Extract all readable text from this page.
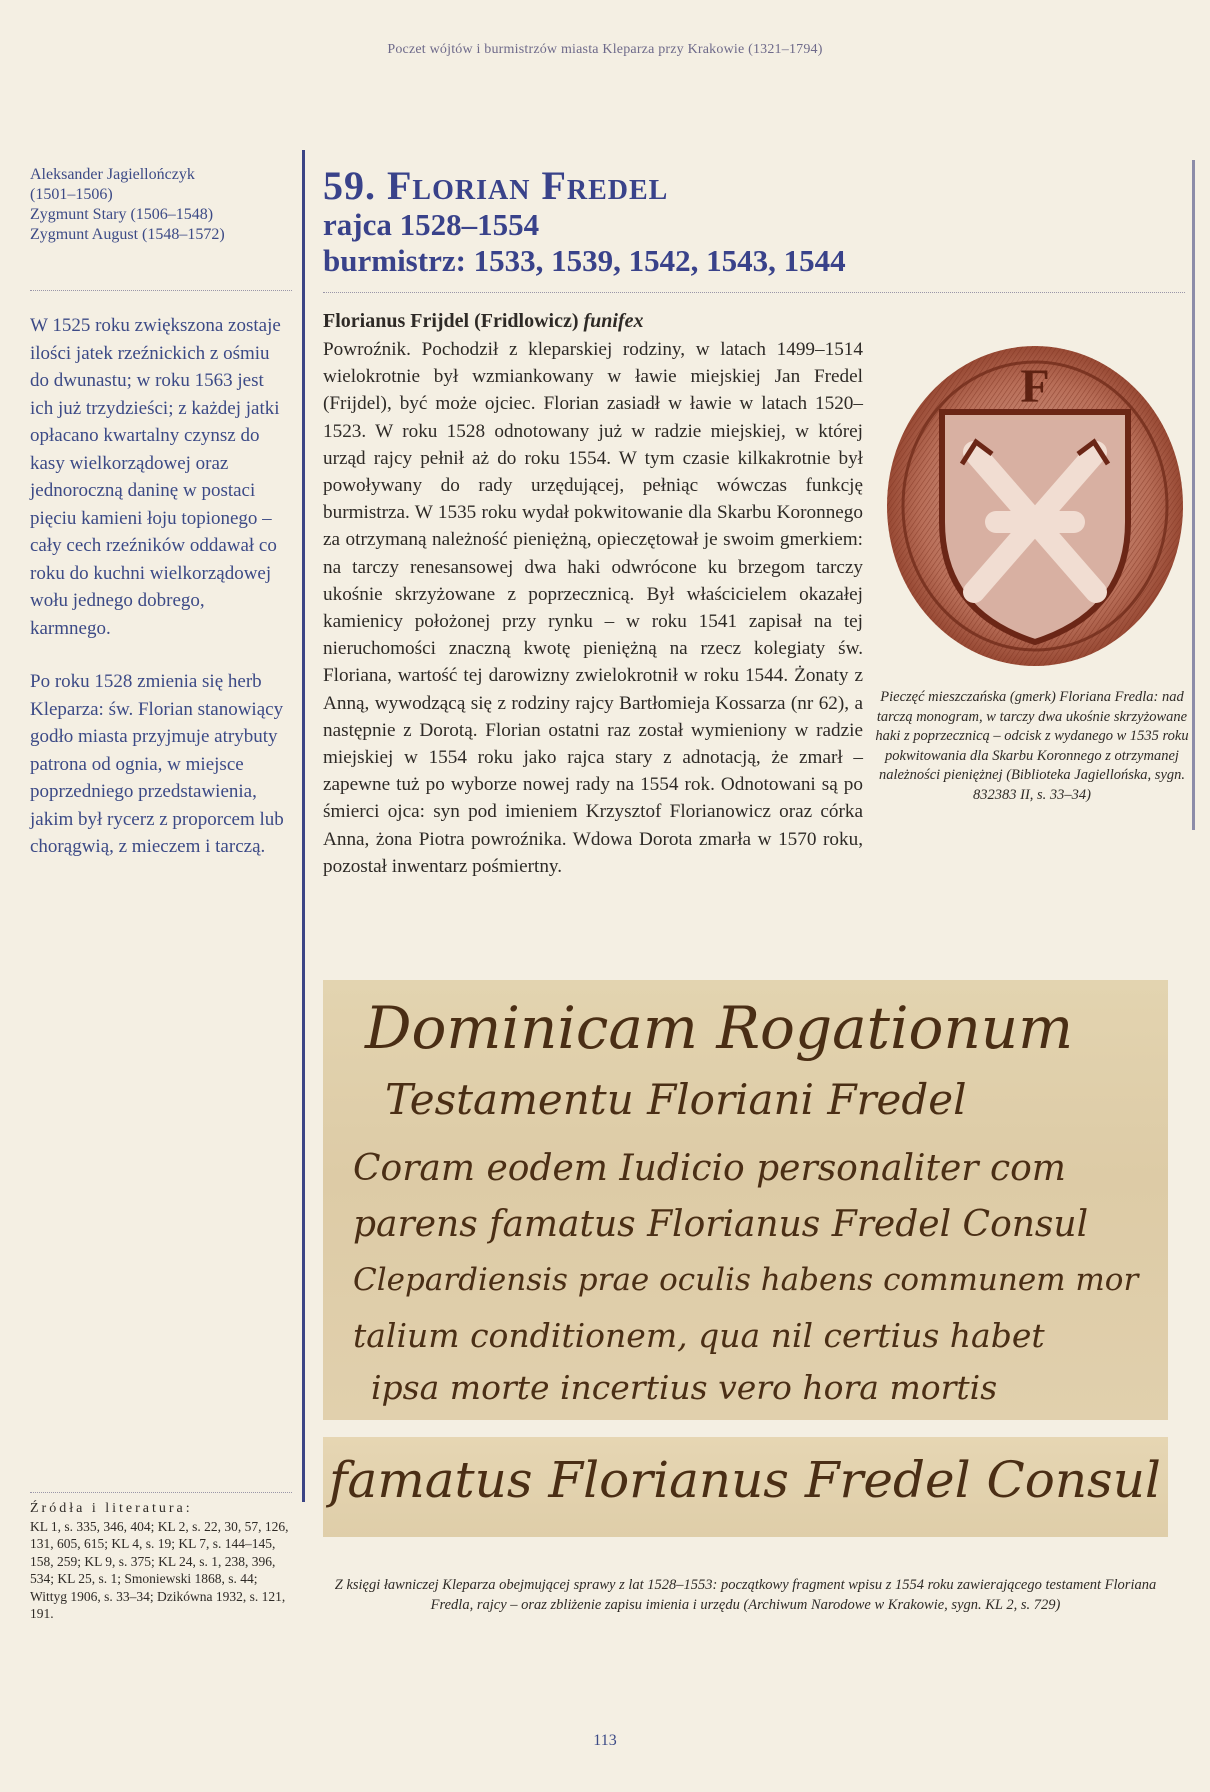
Poczet wójtów i burmistrzów miasta Kleparza przy Krakowie (1321–1794)
Aleksander Jagiellończyk
(1501–1506)
Zygmunt Stary (1506–1548)
Zygmunt August (1548–1572)

W 1525 roku zwiększona zostaje ilości jatek rzeźnickich z ośmiu do dwunastu; w roku 1563 jest ich już trzydzieści; z każdej jatki opłacano kwartalny czynsz do kasy wielkorządowej oraz jednoroczną daninę w postaci pięciu kamieni łoju topionego – cały cech rzeźników oddawał co roku do kuchni wielkorządowej wołu jednego dobrego, karmnego.

Po roku 1528 zmienia się herb Kleparza: św. Florian stanowiący godło miasta przyjmuje atrybuty patrona od ognia, w miejsce poprzedniego przedstawienia, jakim był rycerz z proporcem lub chorągwią, z mieczem i tarczą.

Źródła i literatura:
KL 1, s. 335, 346, 404; KL 2, s. 22, 30, 57, 126, 131, 605, 615; KL 4, s. 19; KL 7, s. 144–145, 158, 259; KL 9, s. 375; KL 24, s. 1, 238, 396, 534; KL 25, s. 1; Smoniewski 1868, s. 44; Wittyg 1906, s. 33–34; Dzikówna 1932, s. 121, 191.
59. Florian Fredel
rajca 1528–1554
burmistrz: 1533, 1539, 1542, 1543, 1544
Florianus Frijdel (Fridlowicz) funifex

Powroźnik. Pochodził z kleparskiej rodziny, w latach 1499–1514 wielokrotnie był wzmiankowany w ławie miejskiej Jan Fredel (Frijdel), być może ojciec. Florian zasiadł w ławie w latach 1520–1523. W roku 1528 odnotowany już w radzie miejskiej, w której urząd rajcy pełnił aż do roku 1554. W tym czasie kilkakrotnie był powoływany do rady urzędującej, pełniąc wówczas funkcję burmistrza. W 1535 roku wydał pokwitowanie dla Skarbu Koronnego za otrzymaną należność pieniężną, opieczętował je swoim gmerkiem: na tarczy renesansowej dwa haki odwrócone ku brzegom tarczy ukośnie skrzyżowane z poprzecznicą. Był właścicielem okazałej kamienicy położonej przy rynku – w roku 1541 zapisał na tej nieruchomości znaczną kwotę pieniężną na rzecz kolegiaty św. Floriana, wartość tej darowizny zwielokrotnił w roku 1544. Żonaty z Anną, wywodzącą się z rodziny rajcy Bartłomieja Kossarza (nr 62), a następnie z Dorotą. Florian ostatni raz został wymieniony w radzie miejskiej w 1554 roku jako rajca stary z adnotacją, że zmarł – zapewne tuż po wyborze nowej rady na 1554 rok. Odnotowani są po śmierci ojca: syn pod imieniem Krzysztof Florianowicz oraz córka Anna, żona Piotra powroźnika. Wdowa Dorota zmarła w 1570 roku, pozostał inwentarz pośmiertny.

F
Pieczęć mieszczańska (gmerk) Floriana Fredla: nad tarczą monogram, w tarczy dwa ukośnie skrzyżowane haki z poprzecznicą – odcisk z wydanego w 1535 roku pokwitowania dla Skarbu Koronnego z otrzymanej należności pieniężnej (Biblioteka Jagiellońska, sygn. 832383 II, s. 33–34)
Dominicam Rogationum
Testamentu Floriani Fredel
Coram eodem Iudicio personaliter com
parens famatus Florianus Fredel Consul
Clepardiensis prae oculis habens communem mor
talium conditionem, qua nil certius habet
ipsa morte incertius vero hora mortis
famatus Florianus Fredel Consul
Z księgi ławniczej Kleparza obejmującej sprawy z lat 1528–1553: początkowy fragment wpisu z 1554 roku zawierającego testament Floriana Fredla, rajcy – oraz zbliżenie zapisu imienia i urzędu (Archiwum Narodowe w Krakowie, sygn. KL 2, s. 729)
113
